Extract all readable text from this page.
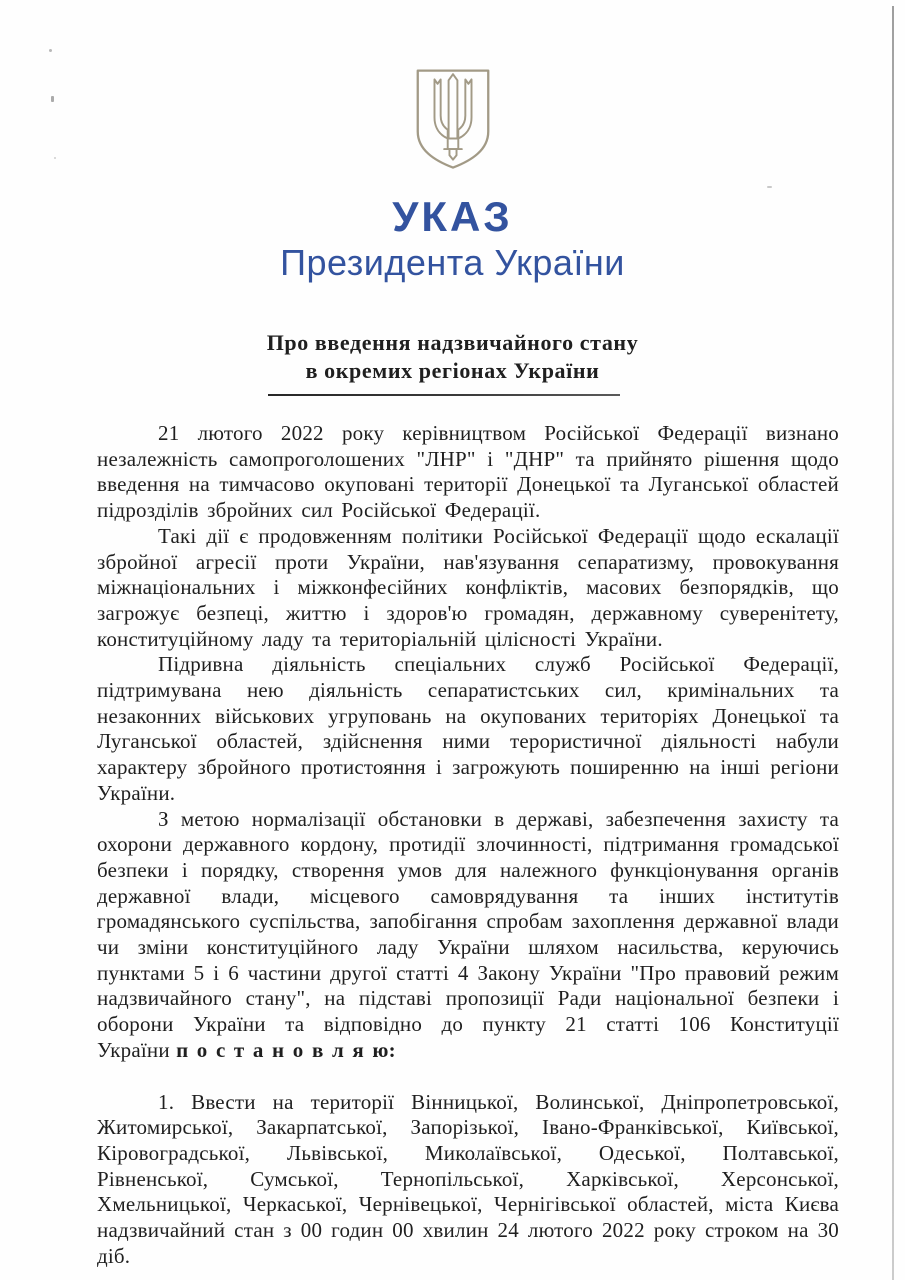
УКАЗ
Президента України
Про введення надзвичайного стану
в окремих регіонах України

21 лютого 2022 року керівництвом Російської Федерації визнано незалежність самопроголошених "ЛНР" і "ДНР" та прийнято рішення щодо введення на тимчасово окуповані території Донецької та Луганської областей підрозділів збройних сил Російської Федерації.

Такі дії є продовженням політики Російської Федерації щодо ескалації збройної агресії проти України, нав'язування сепаратизму, провокування міжнаціональних і міжконфесійних конфліктів, масових безпорядків, що загрожує безпеці, життю і здоров'ю громадян, державному суверенітету, конституційному ладу та територіальній цілісності України.

Підривна діяльність спеціальних служб Російської Федерації, підтримувана нею діяльність сепаратистських сил, кримінальних та незаконних військових угруповань на окупованих територіях Донецької та Луганської областей, здійснення ними терористичної діяльності набули характеру збройного протистояння і загрожують поширенню на інші регіони України.

З метою нормалізації обстановки в державі, забезпечення захисту та охорони державного кордону, протидії злочинності, підтримання громадської безпеки і порядку, створення умов для належного функціонування органів державної влади, місцевого самоврядування та інших інститутів громадянського суспільства, запобігання спробам захоплення державної влади чи зміни конституційного ладу України шляхом насильства, керуючись пунктами 5 і 6 частини другої статті 4 Закону України "Про правовий режим надзвичайного стану", на підставі пропозиції Ради національної безпеки і оборони України та відповідно до пункту 21 статті 106 Конституції України п о с т а н о в л я ю:

1. Ввести на території Вінницької, Волинської, Дніпропетровської, Житомирської, Закарпатської, Запорізької, Івано-Франківської, Київської, Кіровоградської, Львівської, Миколаївської, Одеської, Полтавської, Рівненської, Сумської, Тернопільської, Харківської, Херсонської, Хмельницької, Черкаської, Чернівецької, Чернігівської областей, міста Києва надзвичайний стан з 00 годин 00 хвилин 24 лютого 2022 року строком на 30 діб.
